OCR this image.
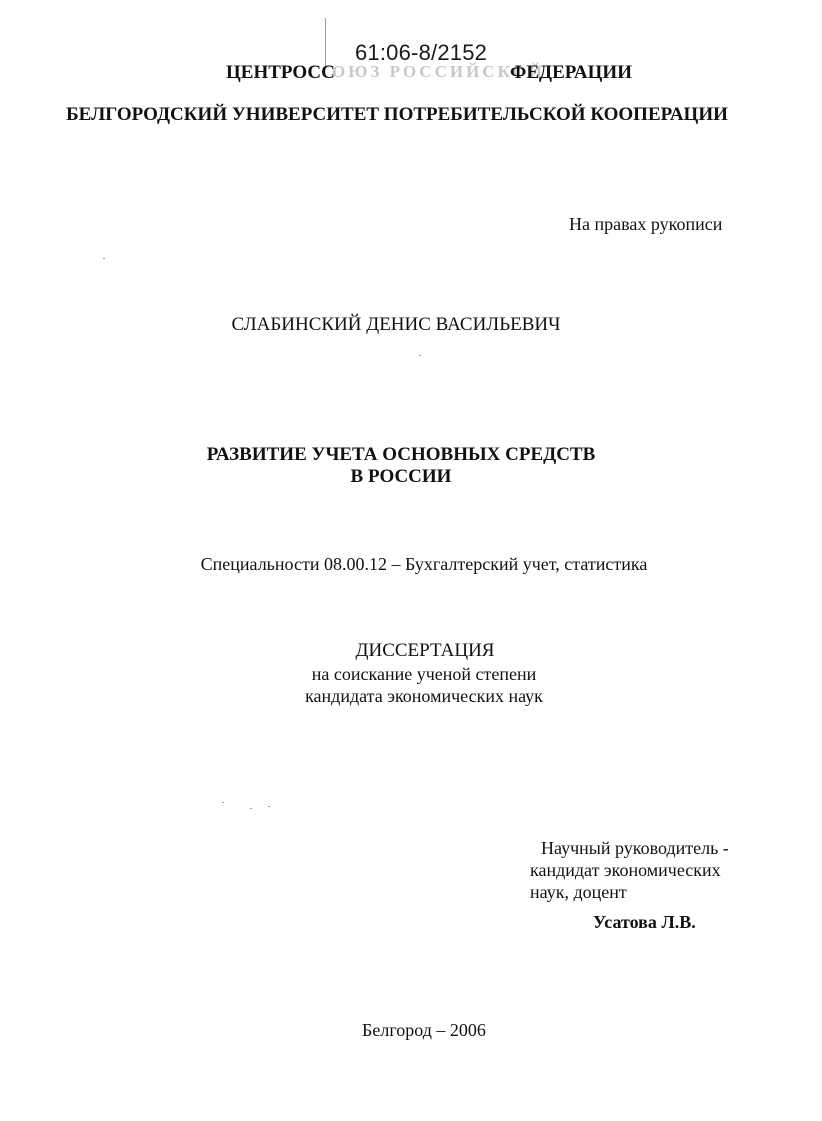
61:06-8/2152
ЦЕНТРОСС
ОЮЗ РОССИЙСКОЙ
ФЕДЕРАЦИИ
БЕЛГОРОДСКИЙ УНИВЕРСИТЕТ ПОТРЕБИТЕЛЬСКОЙ КООПЕРАЦИИ
На правах рукописи
СЛАБИНСКИЙ ДЕНИС ВАСИЛЬЕВИЧ
РАЗВИТИЕ УЧЕТА ОСНОВНЫХ СРЕДСТВ
В РОССИИ
Специальности 08.00.12 – Бухгалтерский учет, статистика
ДИССЕРТАЦИЯ
на соискание ученой степени
кандидата экономических наук
Научный руководитель -
кандидат экономических
наук, доцент
Усатова Л.В.
Белгород – 2006
